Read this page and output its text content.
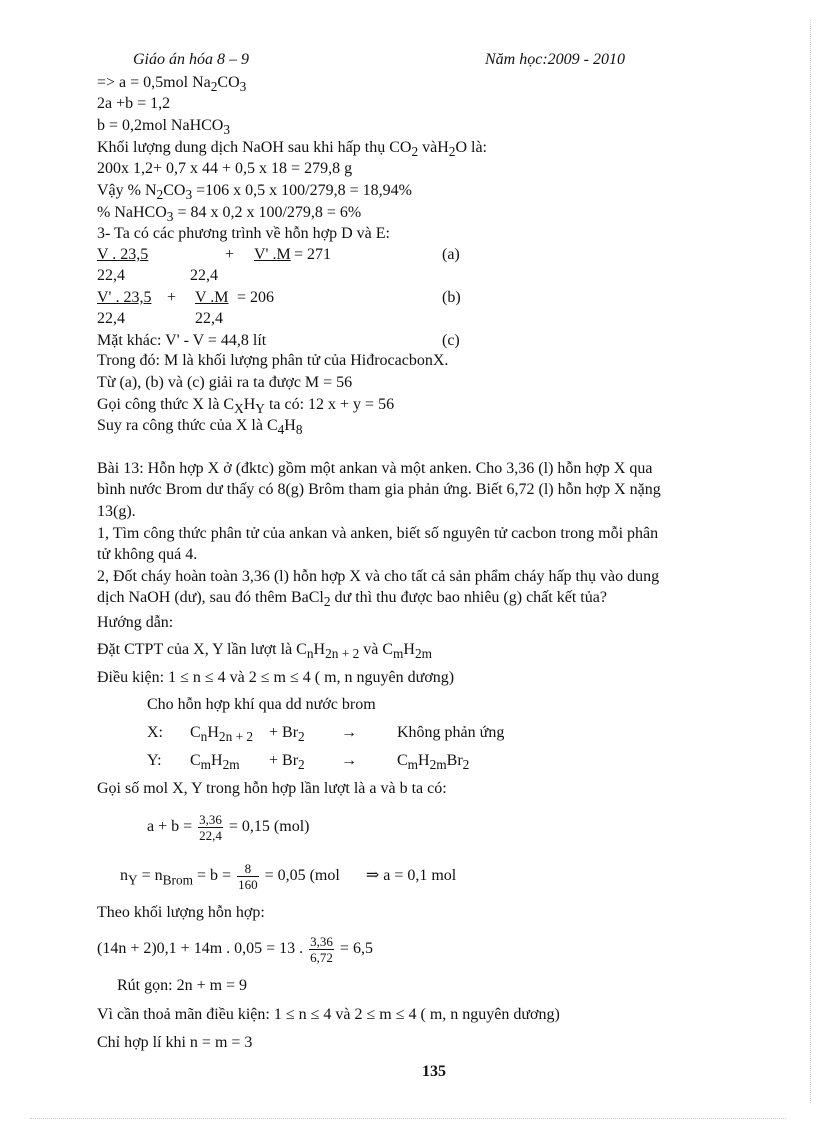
Giáo án hóa 8 – 9	Năm học:2009 - 2010
=> a = 0,5mol $Na_2CO_3$
2a +b = 1,2
b = 0,2mol NaHCO$_3$
Khối lượng dung dịch NaOH sau khi hấp thụ $CO_2$ vàH$_2$O là:
200x 1,2+ 0,7 x 44 + 0,5 x 18 = 279,8 g
Vậy % $N_2CO_3 =106$ x 0,5 x 100/279,8 = 18,94%
% NaHCO$_3$ = 84 x 0,2 x 100/279,8 = 6%
3- Ta có các phương trình về hỗn hợp D và E:
V . 23,5	+ V' .M = 271	(a)
22,4	22,4
V' . 23,5 + V .M = 206	(b)
22,4	22,4
Mặt khác: V' - V = 44,8 lít	(c)
Trong đó: M là khối lượng phân tử của HiđrocacbonX.
Từ (a), (b) và (c) giải ra ta được M = 56
Gọi công thức X là $C_XH_Y$ ta có: 12 x + y = 56
Suy ra công thức của X là $C_4H_8$
Bài 13: Hỗn hợp X ở (đktc) gồm một ankan và một anken. Cho 3,36 (l) hỗn hợp X qua
bình nước Brom dư thấy có 8(g) Brôm tham gia phản ứng. Biết 6,72 (l) hỗn hợp X nặng
13(g).
1, Tìm công thức phân tử của ankan và anken, biết số nguyên tử cacbon trong mỗi phân
tử không quá 4.
2, Đốt cháy hoàn toàn 3,36 (l) hỗn hợp X và cho tất cả sản phẩm cháy hấp thụ vào dung
dịch NaOH (dư), sau đó thêm BaCl$_2$ dư thì thu được bao nhiêu (g) chất kết tủa?
Hướng dẫn:
Đặt CTPT của X, Y lần lượt là $C_nH_{2n + 2}$ và $C_mH_{2m}$
Điều kiện: 1 ≤ n ≤ 4 và 2 ≤ m ≤ 4 ( m, n nguyên dương)
Cho hỗn hợp khí qua dd nước brom
X: $C_nH_{2n + 2} + Br_2$ →	Không phản ứng
Y: $C_mH_{2m} + Br_2$ →	$C_mH_{2m}Br_2$
Gọi số mol X, Y trong hỗn hợp lần lượt là a và b ta có:
$a + b = \frac{3,36}{22,4} = 0,15$ (mol)
$n_Y = n_{Brom} = b = \frac{8}{160} = 0,05$ (mol ⇒ a = 0,1 mol
Theo khối lượng hỗn hợp:
(14n + 2)0,1 + 14m . 0,05 = 13 . $\frac{3,36}{6,72} = 6,5$
Rút gọn: 2n + m = 9
Vì cần thoả mãn điều kiện: 1 ≤ n ≤ 4 và 2 ≤ m ≤ 4 ( m, n nguyên dương)
Chỉ hợp lí khi n = m = 3
135
